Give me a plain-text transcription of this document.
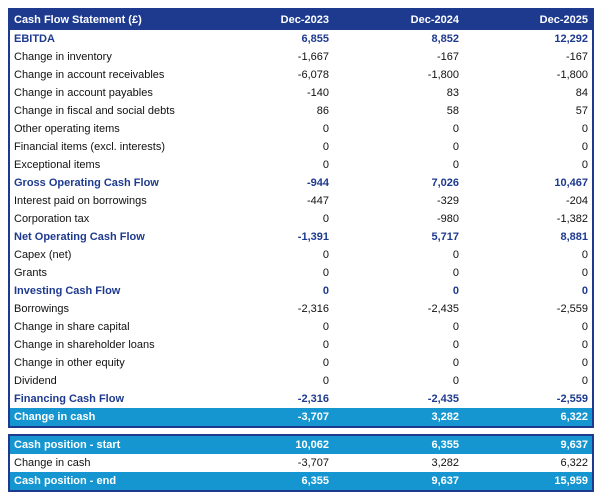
Cash Flow Statement (£)	Dec-2023	Dec-2024	Dec-2025
EBITDA	6,855	8,852	12,292
Change in inventory	-1,667	-167	-167
Change in account receivables	-6,078	-1,800	-1,800
Change in account payables	-140	83	84
Change in fiscal and social debts	86	58	57
Other operating items	0	0	0
Financial items (excl. interests)	0	0	0
Exceptional items	0	0	0
Gross Operating Cash Flow	-944	7,026	10,467
Interest paid on borrowings	-447	-329	-204
Corporation tax	0	-980	-1,382
Net Operating Cash Flow	-1,391	5,717	8,881
Capex (net)	0	0	0
Grants	0	0	0
Investing Cash Flow	0	0	0
Borrowings	-2,316	-2,435	-2,559
Change in share capital	0	0	0
Change in shareholder loans	0	0	0
Change in other equity	0	0	0
Dividend	0	0	0
Financing Cash Flow	-2,316	-2,435	-2,559
Change in cash	-3,707	3,282	6,322
Cash position - start	10,062	6,355	9,637
Change in cash	-3,707	3,282	6,322
Cash position - end	6,355	9,637	15,959
